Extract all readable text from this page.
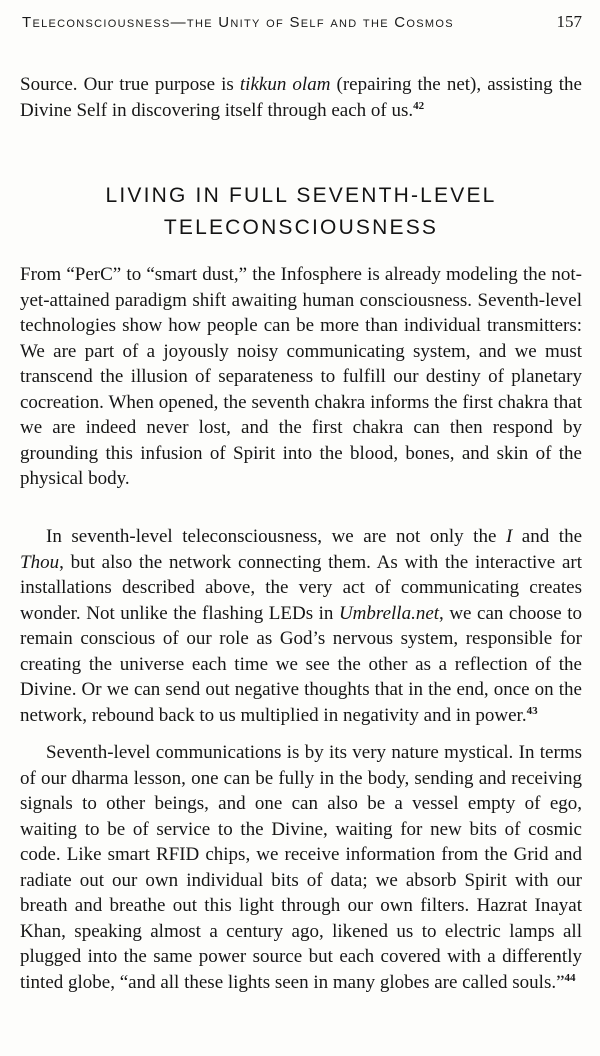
Teleconsciousness—the Unity of Self and the Cosmos	157
Source. Our true purpose is tikkun olam (repairing the net), assisting the Divine Self in discovering itself through each of us.$^{42}$
LIVING IN FULL SEVENTH-LEVEL
TELECONSCIOUSNESS
From “PerC” to “smart dust,” the Infosphere is already modeling the not-yet-attained paradigm shift awaiting human consciousness. Seventh-level technologies show how people can be more than individual transmitters: We are part of a joyously noisy communicating system, and we must transcend the illusion of separateness to fulfill our destiny of planetary cocreation. When opened, the seventh chakra informs the first chakra that we are indeed never lost, and the first chakra can then respond by grounding this infusion of Spirit into the blood, bones, and skin of the physical body.
In seventh-level teleconsciousness, we are not only the I and the Thou, but also the network connecting them. As with the interactive art installations described above, the very act of communicating creates wonder. Not unlike the flashing LEDs in Umbrella.net, we can choose to remain conscious of our role as God’s nervous system, responsible for creating the universe each time we see the other as a reflection of the Divine. Or we can send out negative thoughts that in the end, once on the network, rebound back to us multiplied in negativity and in power.$^{43}$
Seventh-level communications is by its very nature mystical. In terms of our dharma lesson, one can be fully in the body, sending and receiving signals to other beings, and one can also be a vessel empty of ego, waiting to be of service to the Divine, waiting for new bits of cosmic code. Like smart RFID chips, we receive information from the Grid and radiate out our own individual bits of data; we absorb Spirit with our breath and breathe out this light through our own filters. Hazrat Inayat Khan, speaking almost a century ago, likened us to electric lamps all plugged into the same power source but each covered with a differently tinted globe, “and all these lights seen in many globes are called souls.”$^{44}$
